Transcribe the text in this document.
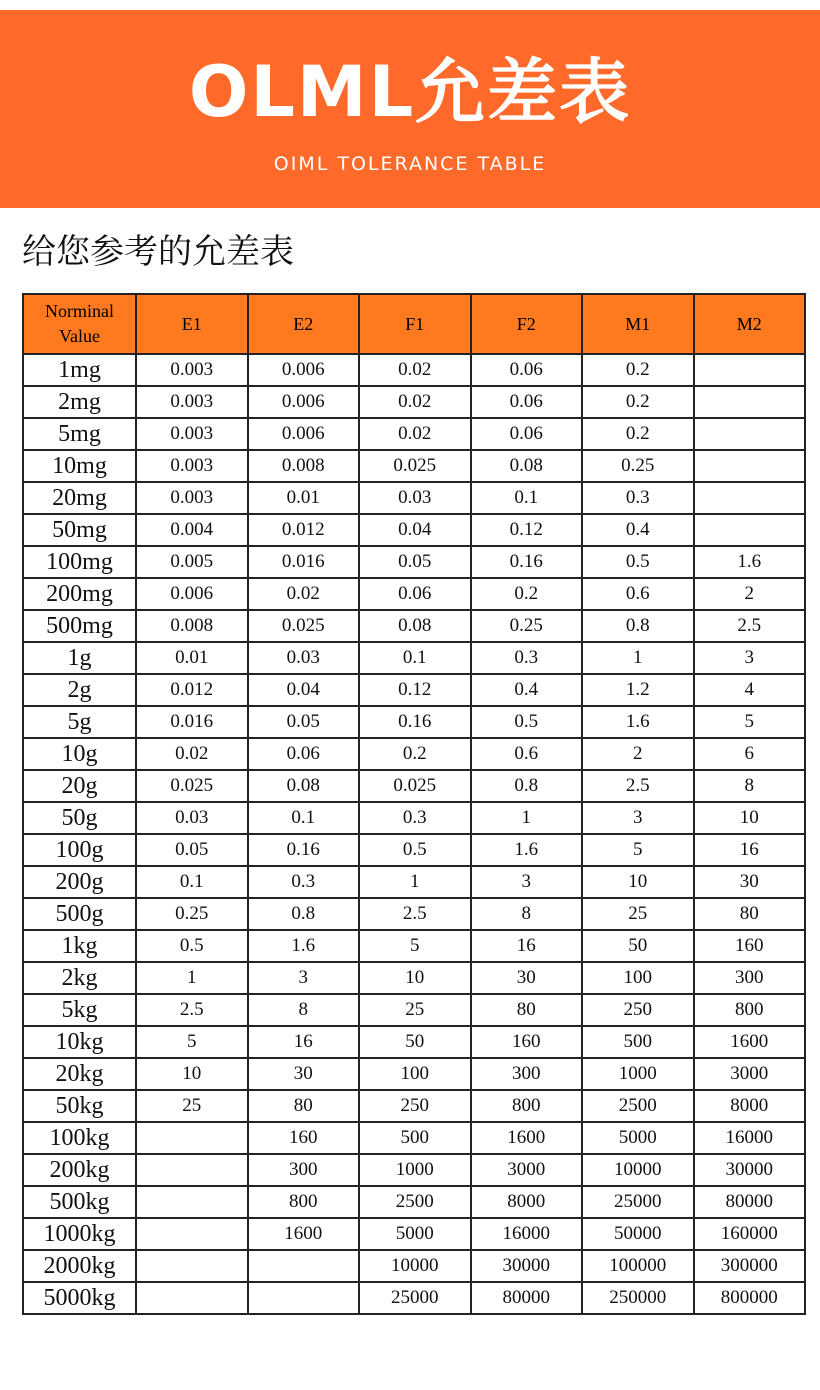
OLML允差表
OIML TOLERANCE TABLE
给您参考的允差表
Norminal Value	E1	E2	F1	F2	M1	M2
1mg	0.003	0.006	0.02	0.06	0.2	
2mg	0.003	0.006	0.02	0.06	0.2	
5mg	0.003	0.006	0.02	0.06	0.2	
10mg	0.003	0.008	0.025	0.08	0.25	
20mg	0.003	0.01	0.03	0.1	0.3	
50mg	0.004	0.012	0.04	0.12	0.4	
100mg	0.005	0.016	0.05	0.16	0.5	1.6
200mg	0.006	0.02	0.06	0.2	0.6	2
500mg	0.008	0.025	0.08	0.25	0.8	2.5
1g	0.01	0.03	0.1	0.3	1	3
2g	0.012	0.04	0.12	0.4	1.2	4
5g	0.016	0.05	0.16	0.5	1.6	5
10g	0.02	0.06	0.2	0.6	2	6
20g	0.025	0.08	0.025	0.8	2.5	8
50g	0.03	0.1	0.3	1	3	10
100g	0.05	0.16	0.5	1.6	5	16
200g	0.1	0.3	1	3	10	30
500g	0.25	0.8	2.5	8	25	80
1kg	0.5	1.6	5	16	50	160
2kg	1	3	10	30	100	300
5kg	2.5	8	25	80	250	800
10kg	5	16	50	160	500	1600
20kg	10	30	100	300	1000	3000
50kg	25	80	250	800	2500	8000
100kg		160	500	1600	5000	16000
200kg		300	1000	3000	10000	30000
500kg		800	2500	8000	25000	80000
1000kg		1600	5000	16000	50000	160000
2000kg			10000	30000	100000	300000
5000kg			25000	80000	250000	800000
